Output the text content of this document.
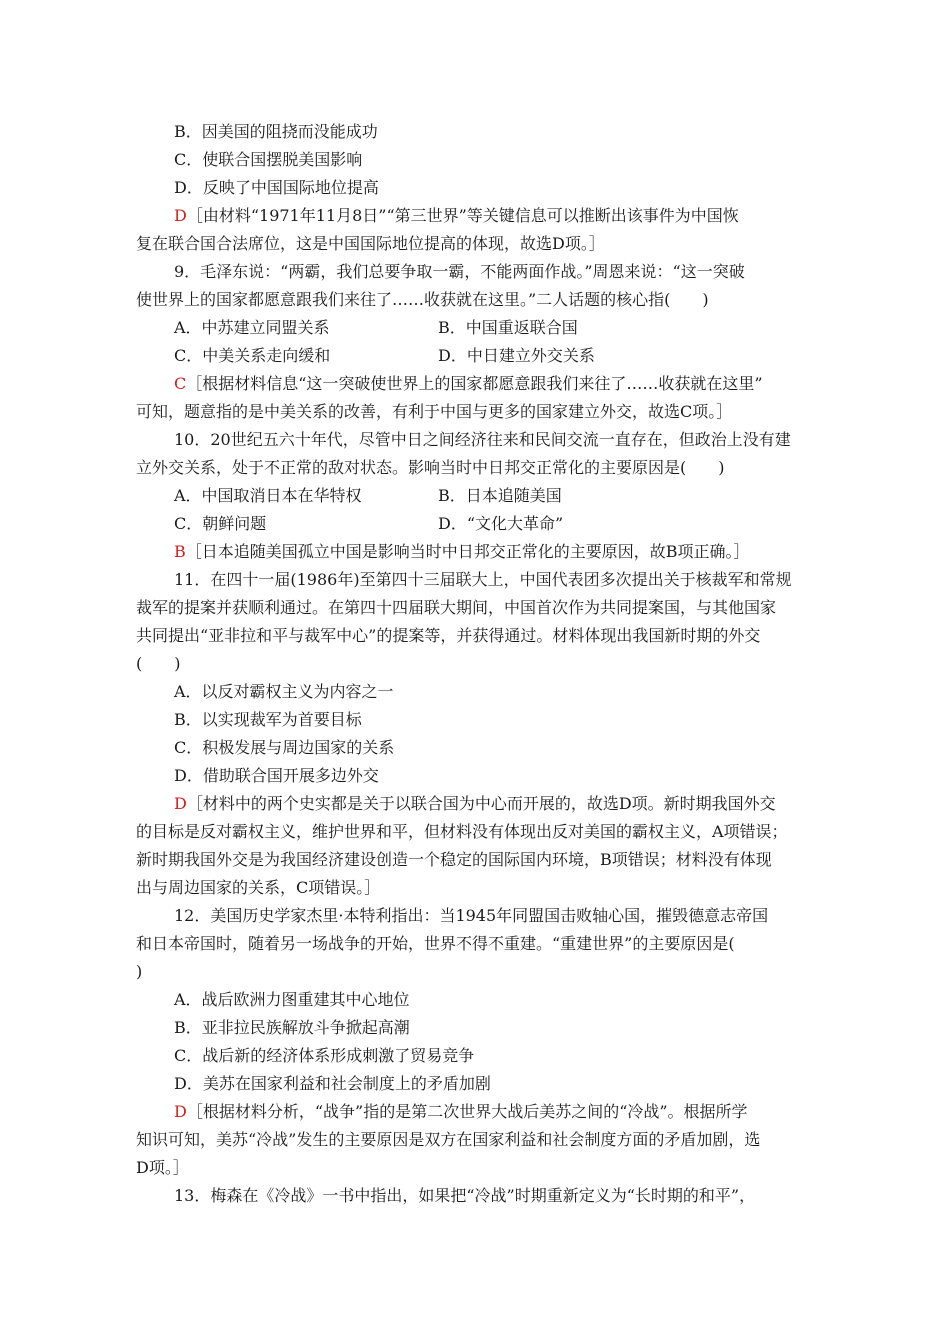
B．因美国的阻挠而没能成功
C．使联合国摆脱美国影响
D．反映了中国国际地位提高
D［由材料“1971年11月8日”“第三世界”等关键信息可以推断出该事件为中国恢
复在联合国合法席位，这是中国国际地位提高的体现，故选D项。］
9．毛泽东说：“两霸，我们总要争取一霸，不能两面作战。”周恩来说：“这一突破
使世界上的国家都愿意跟我们来往了……收获就在这里。”二人话题的核心指(　　)
A．中苏建立同盟关系	B．中国重返联合国
C．中美关系走向缓和	D．中日建立外交关系
C［根据材料信息“这一突破使世界上的国家都愿意跟我们来往了……收获就在这里”
可知，题意指的是中美关系的改善，有利于中国与更多的国家建立外交，故选C项。］
10．20世纪五六十年代，尽管中日之间经济往来和民间交流一直存在，但政治上没有建
立外交关系，处于不正常的敌对状态。影响当时中日邦交正常化的主要原因是(　　)
A．中国取消日本在华特权	B．日本追随美国
C．朝鲜问题	D．“文化大革命”
B［日本追随美国孤立中国是影响当时中日邦交正常化的主要原因，故B项正确。］
11．在四十一届(1986年)至第四十三届联大上，中国代表团多次提出关于核裁军和常规
裁军的提案并获顺利通过。在第四十四届联大期间，中国首次作为共同提案国，与其他国家
共同提出“亚非拉和平与裁军中心”的提案等，并获得通过。材料体现出我国新时期的外交
(　　)
A．以反对霸权主义为内容之一
B．以实现裁军为首要目标
C．积极发展与周边国家的关系
D．借助联合国开展多边外交
D［材料中的两个史实都是关于以联合国为中心而开展的，故选D项。新时期我国外交
的目标是反对霸权主义，维护世界和平，但材料没有体现出反对美国的霸权主义，A项错误；
新时期我国外交是为我国经济建设创造一个稳定的国际国内环境，B项错误；材料没有体现
出与周边国家的关系，C项错误。］
12．美国历史学家杰里·本特利指出：当1945年同盟国击败轴心国，摧毁德意志帝国
和日本帝国时，随着另一场战争的开始，世界不得不重建。“重建世界”的主要原因是(
)
A．战后欧洲力图重建其中心地位
B．亚非拉民族解放斗争掀起高潮
C．战后新的经济体系形成刺激了贸易竞争
D．美苏在国家利益和社会制度上的矛盾加剧
D［根据材料分析，“战争”指的是第二次世界大战后美苏之间的“冷战”。根据所学
知识可知，美苏“冷战”发生的主要原因是双方在国家利益和社会制度方面的矛盾加剧，选
D项。］
13．梅森在《冷战》一书中指出，如果把“冷战”时期重新定义为“长时期的和平”，
